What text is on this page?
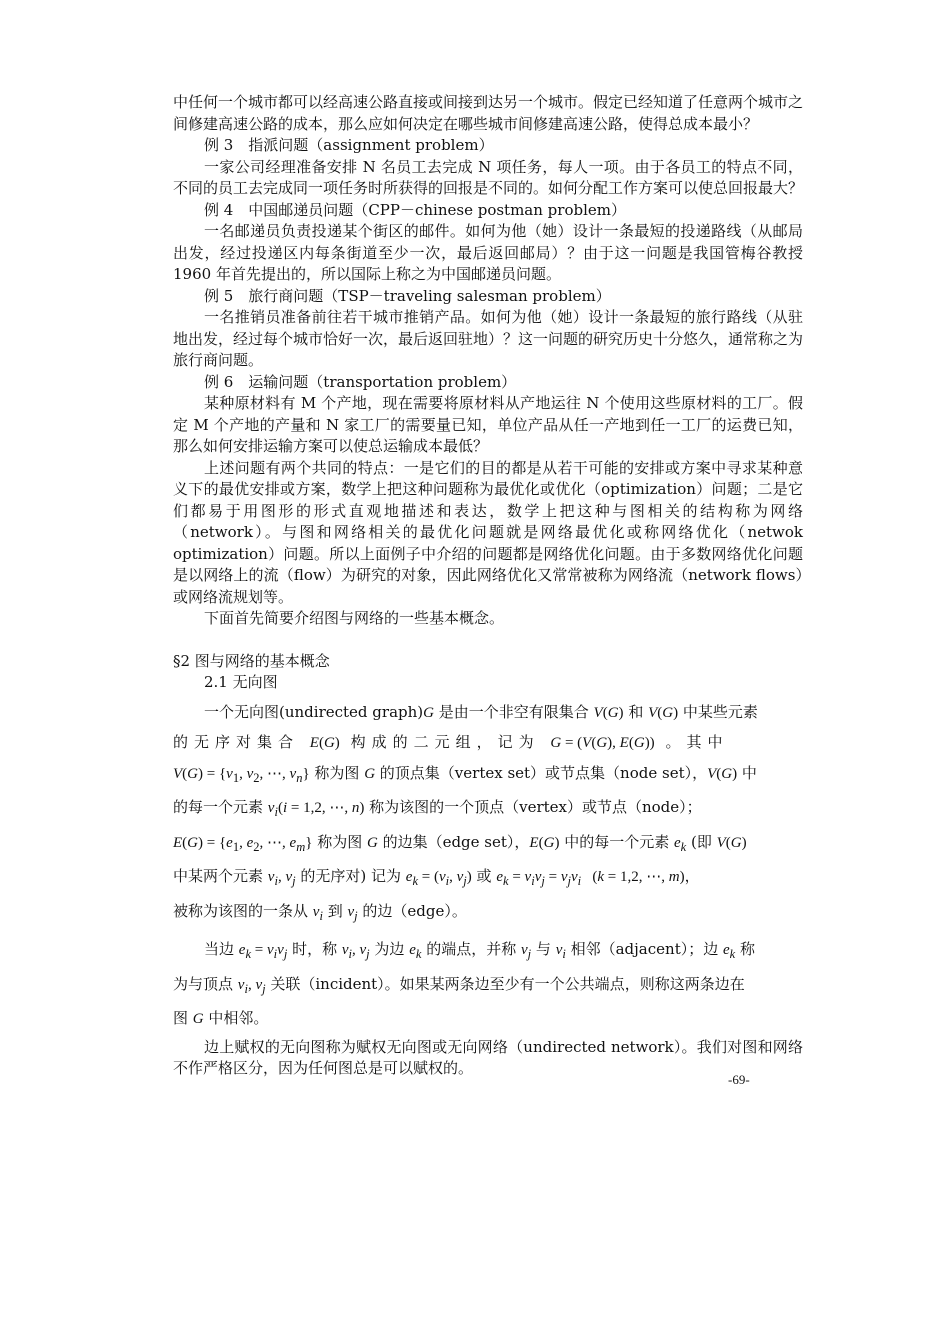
中任何一个城市都可以经高速公路直接或间接到达另一个城市。假定已经知道了任意两个城市之间修建高速公路的成本，那么应如何决定在哪些城市间修建高速公路，使得总成本最小？

例 3　指派问题（assignment problem）

一家公司经理准备安排 N 名员工去完成 N 项任务，每人一项。由于各员工的特点不同，不同的员工去完成同一项任务时所获得的回报是不同的。如何分配工作方案可以使总回报最大？

例 4　中国邮递员问题（CPP－chinese postman problem）

一名邮递员负责投递某个街区的邮件。如何为他（她）设计一条最短的投递路线（从邮局出发，经过投递区内每条街道至少一次，最后返回邮局）？由于这一问题是我国管梅谷教授 1960 年首先提出的，所以国际上称之为中国邮递员问题。

例 5　旅行商问题（TSP－traveling salesman problem）

一名推销员准备前往若干城市推销产品。如何为他（她）设计一条最短的旅行路线（从驻地出发，经过每个城市恰好一次，最后返回驻地）？这一问题的研究历史十分悠久，通常称之为旅行商问题。

例 6　运输问题（transportation problem）

某种原材料有 M 个产地，现在需要将原材料从产地运往 N 个使用这些原材料的工厂。假定 M 个产地的产量和 N 家工厂的需要量已知，单位产品从任一产地到任一工厂的运费已知，那么如何安排运输方案可以使总运输成本最低？

上述问题有两个共同的特点：一是它们的目的都是从若干可能的安排或方案中寻求某种意义下的最优安排或方案，数学上把这种问题称为最优化或优化（optimization）问题；二是它们都易于用图形的形式直观地描述和表达，数学上把这种与图相关的结构称为网络（network）。与图和网络相关的最优化问题就是网络最优化或称网络优化（netwok optimization）问题。所以上面例子中介绍的问题都是网络优化问题。由于多数网络优化问题是以网络上的流（flow）为研究的对象，因此网络优化又常常被称为网络流（network flows）或网络流规划等。

下面首先简要介绍图与网络的一些基本概念。

§2 图与网络的基本概念

2.1 无向图

一个无向图(undirected graph)G 是由一个非空有限集合 V(G) 和 V(G) 中某些元素

的无序对集合 E(G) 构成的二元组，记为 G = (V(G), E(G)) 。其中

$V(G) = \{v_1$, $v_2$, ⋯, $v_n$} 称为图 G 的顶点集（vertex set）或节点集（node set），V(G) 中

的每一个元素 $v_i(i = 1,2$, ⋯, n) 称为该图的一个顶点（vertex）或节点（node）；

$E(G) = \{e_1$, $e_2$, ⋯, $e_m$} 称为图 G 的边集（edge set），E(G) 中的每一个元素 $e_k$ (即 V(G)

中某两个元素 $v_i$, $v_j$ 的无序对) 记为 $e_k = (v_i$, $v_j$) 或 $e_k = v_iv_j = v_jv_i$   (k = 1,2, ⋯, m)，

被称为该图的一条从 $v_i$ 到 $v_j$ 的边（edge）。

当边 $e_k = v_iv_j$ 时，称 $v_i$, $v_j$ 为边 $e_k$ 的端点，并称 $v_j$ 与 $v_i$ 相邻（adjacent）；边 $e_k$ 称

为与顶点 $v_i$, $v_j$ 关联（incident）。如果某两条边至少有一个公共端点，则称这两条边在

图 G 中相邻。

边上赋权的无向图称为赋权无向图或无向网络（undirected network）。我们对图和网络不作严格区分，因为任何图总是可以赋权的。

-69-
